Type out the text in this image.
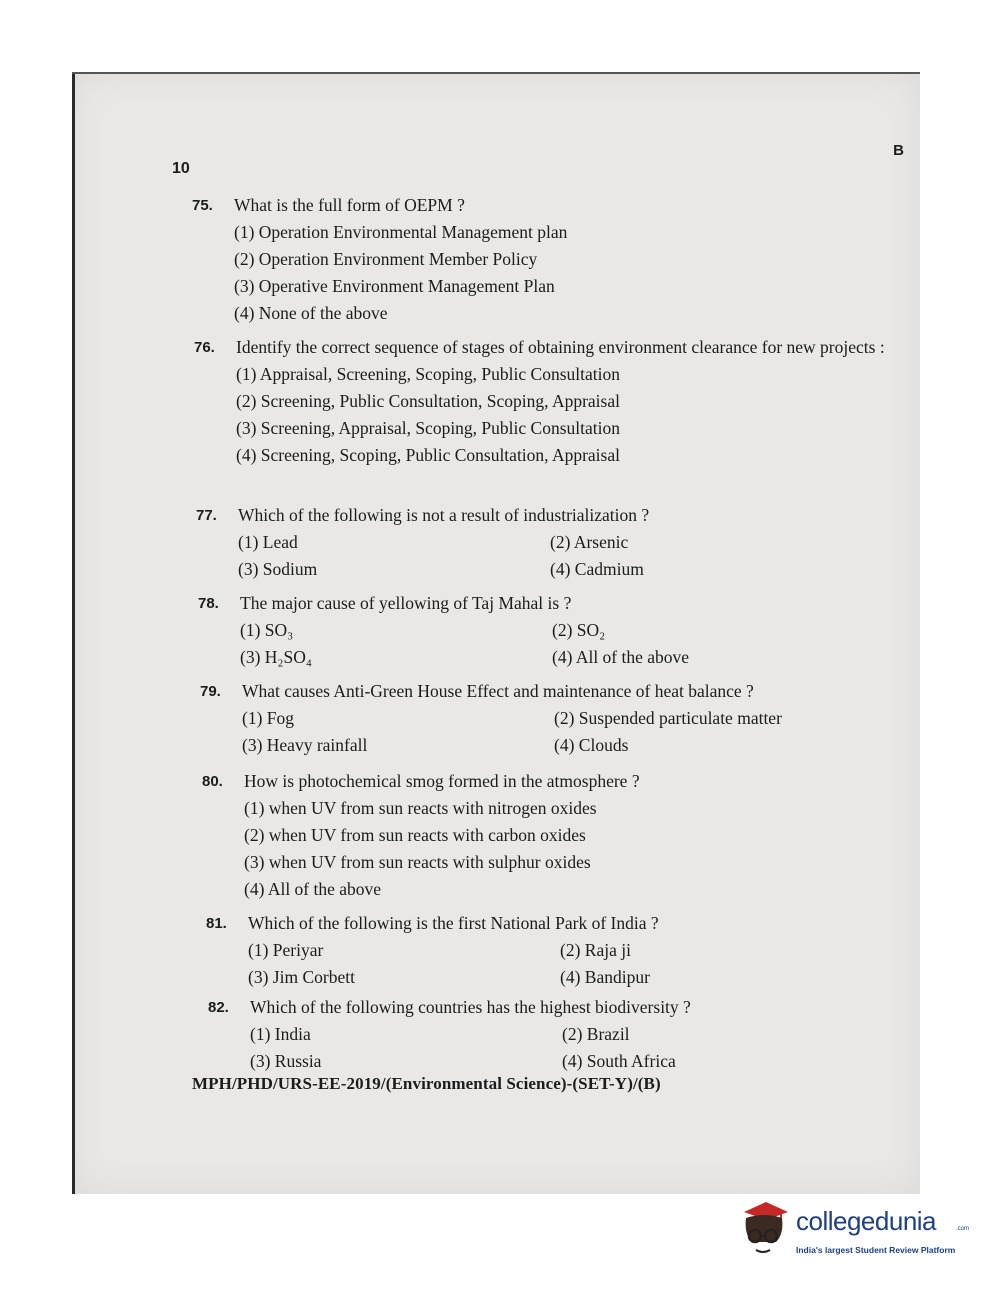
10
B
75. What is the full form of OEPM ?
(1) Operation Environmental Management plan
(2) Operation Environment Member Policy
(3) Operative Environment Management Plan
(4) None of the above
76. Identify the correct sequence of stages of obtaining environment clearance for new projects :
(1) Appraisal, Screening, Scoping, Public Consultation
(2) Screening, Public Consultation, Scoping, Appraisal
(3) Screening, Appraisal, Scoping, Public Consultation
(4) Screening, Scoping, Public Consultation, Appraisal
77. Which of the following is not a result of industrialization ?
(1) Lead	(2) Arsenic
(3) Sodium	(4) Cadmium
78. The major cause of yellowing of Taj Mahal is ?
(1) SO₃	(2) SO₂
(3) H₂SO₄	(4) All of the above
79. What causes Anti-Green House Effect and maintenance of heat balance ?
(1) Fog	(2) Suspended particulate matter
(3) Heavy rainfall	(4) Clouds
80. How is photochemical smog formed in the atmosphere ?
(1) when UV from sun reacts with nitrogen oxides
(2) when UV from sun reacts with carbon oxides
(3) when UV from sun reacts with sulphur oxides
(4) All of the above
81. Which of the following is the first National Park of India ?
(1) Periyar	(2) Raja ji
(3) Jim Corbett	(4) Bandipur
82. Which of the following countries has the highest biodiversity ?
(1) India	(2) Brazil
(3) Russia	(4) South Africa
MPH/PHD/URS-EE-2019/(Environmental Science)-(SET-Y)/(B)
collegedunia	.com
India's largest Student Review Platform
